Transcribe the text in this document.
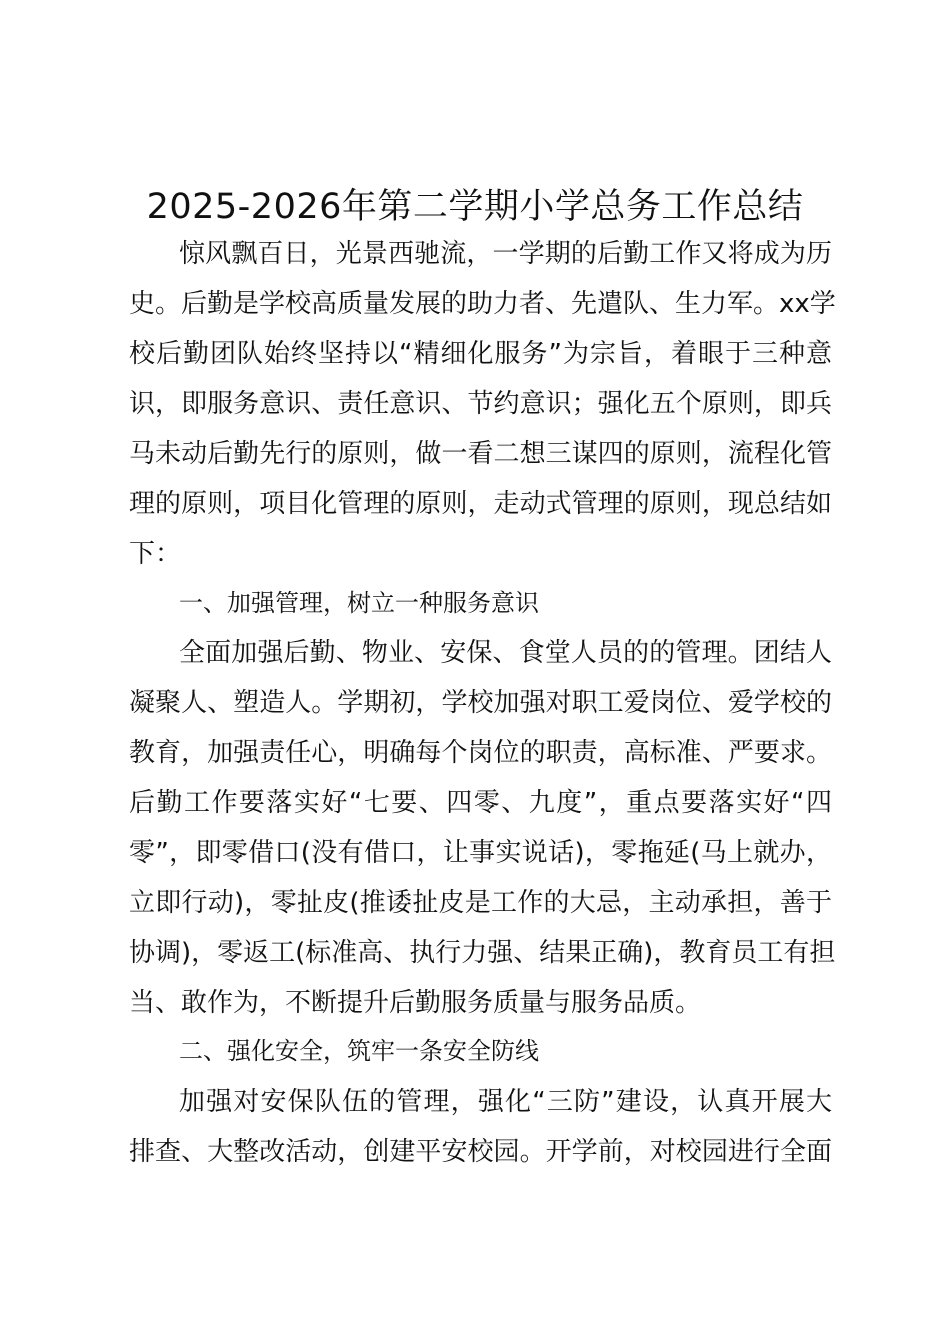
2025-2026年第二学期小学总务工作总结

惊风飘百日，光景西驰流，一学期的后勤工作又将成为历

史。后勤是学校高质量发展的助力者、先遣队、生力军。xx学

校后勤团队始终坚持以“精细化服务”为宗旨，着眼于三种意

识，即服务意识、责任意识、节约意识；强化五个原则，即兵

马未动后勤先行的原则，做一看二想三谋四的原则，流程化管

理的原则，项目化管理的原则，走动式管理的原则，现总结如

下：

一、加强管理，树立一种服务意识

全面加强后勤、物业、安保、食堂人员的的管理。团结人

凝聚人、塑造人。学期初，学校加强对职工爱岗位、爱学校的

教育，加强责任心，明确每个岗位的职责，高标准、严要求。

后勤工作要落实好“七要、四零、九度”，重点要落实好“四

零”，即零借口(没有借口，让事实说话)，零拖延(马上就办，

立即行动)，零扯皮(推诿扯皮是工作的大忌，主动承担，善于

协调)，零返工(标准高、执行力强、结果正确)，教育员工有担

当、敢作为，不断提升后勤服务质量与服务品质。

二、强化安全，筑牢一条安全防线

加强对安保队伍的管理，强化“三防”建设，认真开展大

排查、大整改活动，创建平安校园。开学前，对校园进行全面
